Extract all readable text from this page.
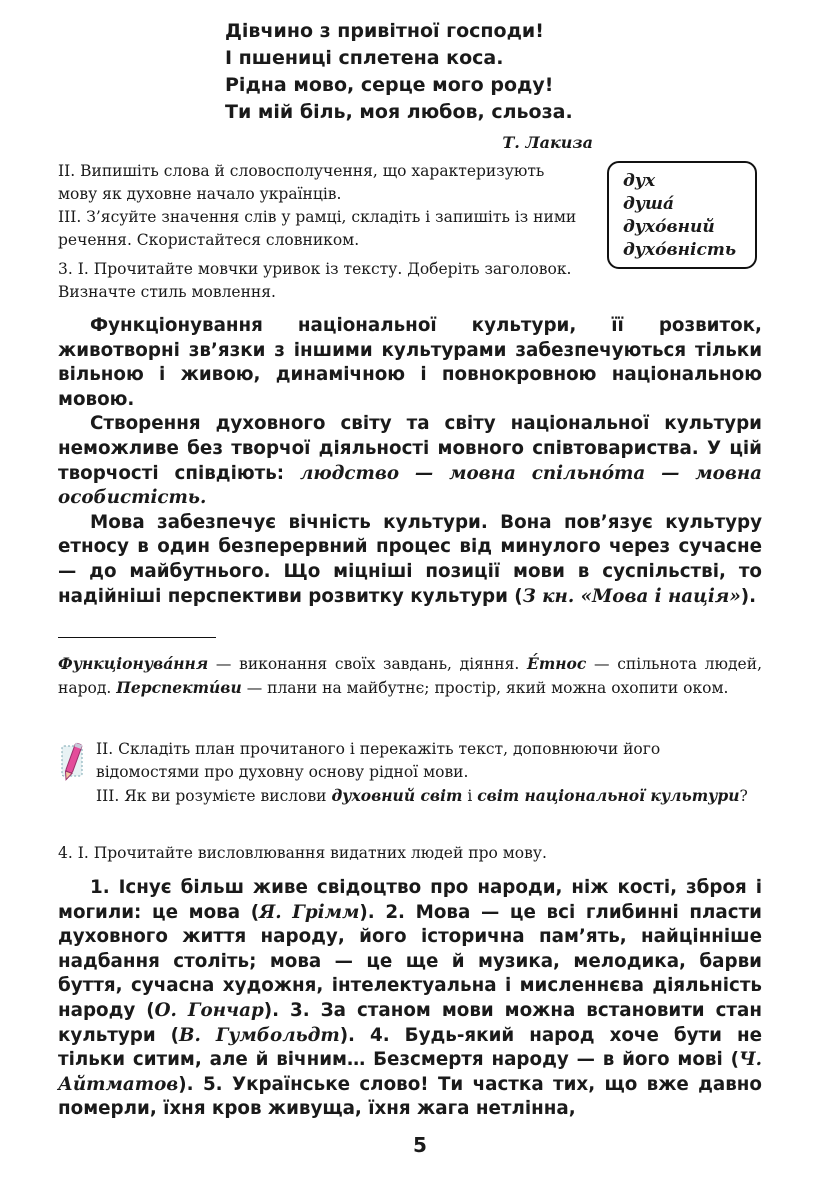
Дівчино з привітної господи!
І пшениці сплетена коса.
Рідна мово, серце мого роду!
Ти мій біль, моя любов, сльоза.
Т. Лакиза

II. Випишіть слова й словосполучення, що характеризують мову як духовне начало українців.

III. З’ясуйте значення слів у рамці, складіть і запишіть із ними речення. Скористайтеся словником.

дух
душа́
духо́вний
духо́вність

3. I. Прочитайте мовчки уривок із тексту. Доберіть заголовок. Визначте стиль мовлення.

Функціонування національної культури, її розвиток, животворні зв’язки з іншими культурами забезпечуються тільки вільною і живою, динамічною і повнокровною національною мовою.

Створення духовного світу та світу національної культури неможливе без творчої діяльності мовного співтовариства. У цій творчості співдіють: людство — мовна спільно́та — мовна особистість.

Мова забезпечує вічність культури. Вона пов’язує культуру етносу в один безперервний процес від минулого через сучасне — до майбутнього. Що міцніші позиції мови в суспільстві, то надійніші перспективи розвитку культури (З кн. «Мова і нація»).

Функціонува́ння — виконання своїх завдань, діяння. Е́тнос — спільнота людей, народ. Перспекти́ви — плани на майбутнє; простір, який можна охопити оком.

II. Складіть план прочитаного і перекажіть текст, доповнюючи його відомостями про духовну основу рідної мови.

III. Як ви розумієте вислови духовний світ і світ національної культури?

4. I. Прочитайте висловлювання видатних людей про мову.

1. Існує більш живе свідоцтво про народи, ніж кості, зброя і могили: це мова (Я. Грімм). 2. Мова — це всі глибинні пласти духовного життя народу, його історична пам’ять, найцінніше надбання століть; мова — це ще й музика, мелодика, барви буття, сучасна художня, інтелектуальна і мисленнєва діяльність народу (О. Гончар). 3. За станом мови можна встановити стан культури (В. Гумбольдт). 4. Будь-який народ хоче бути не тільки ситим, але й вічним… Безсмертя народу — в його мові (Ч. Айтматов). 5. Українське слово! Ти частка тих, що вже давно померли, їхня кров живуща, їхня жага нетлінна,

5
